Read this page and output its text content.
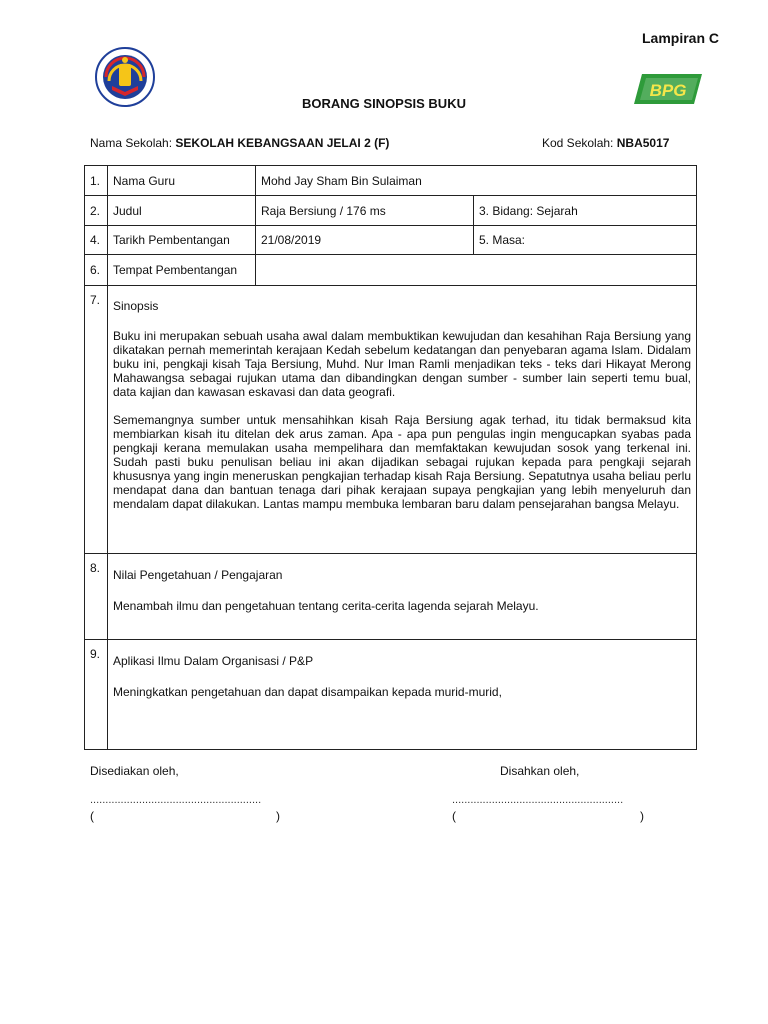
Lampiran C
BPG
BORANG SINOPSIS BUKU
Nama Sekolah: SEKOLAH KEBANGSAAN JELAI 2 (F)	Kod Sekolah: NBA5017
1.	Nama Guru	Mohd Jay Sham Bin Sulaiman	
2.	Judul	Raja Bersiung / 176 ms	3. Bidang: Sejarah
4.	Tarikh Pembentangan	21/08/2019	5. Masa:
6.	Tempat Pembentangan		
7.	Sinopsis

Buku ini merupakan sebuah usaha awal dalam membuktikan kewujudan dan kesahihan Raja Bersiung yang dikatakan pernah memerintah kerajaan Kedah sebelum kedatangan dan penyebaran agama Islam. Didalam buku ini, pengkaji kisah Taja Bersiung, Muhd. Nur Iman Ramli menjadikan teks - teks dari Hikayat Merong Mahawangsa sebagai rujukan utama dan dibandingkan dengan sumber - sumber lain seperti temu bual, data kajian dan kawasan eskavasi dan data geografi.

Sememangnya sumber untuk mensahihkan kisah Raja Bersiung agak terhad, itu tidak bermaksud kita membiarkan kisah itu ditelan dek arus zaman. Apa - apa pun pengulas ingin mengucapkan syabas pada pengkaji kerana memulakan usaha mempelihara dan memfaktakan kewujudan sosok yang terkenal ini. Sudah pasti buku penulisan beliau ini akan dijadikan sebagai rujukan kepada para pengkaji sejarah khususnya yang ingin meneruskan pengkajian terhadap kisah Raja Bersiung. Sepatutnya usaha beliau perlu mendapat dana dan bantuan tenaga dari pihak kerajaan supaya pengkajian yang lebih menyeluruh dan mendalam dapat dilakukan. Lantas mampu membuka lembaran baru dalam pensejarahan bangsa Melayu.		

8.	Nilai Pengetahuan / Pengajaran

Menambah ilmu dan pengetahuan tentang cerita-cerita lagenda sejarah Melayu.		

9.	Aplikasi Ilmu Dalam Organisasi / P&P

Meningkatkan pengetahuan dan dapat disampaikan kepada murid-murid,		

Disediakan oleh,	Disahkan oleh,
........................................................	........................................................
(	)	(	)
